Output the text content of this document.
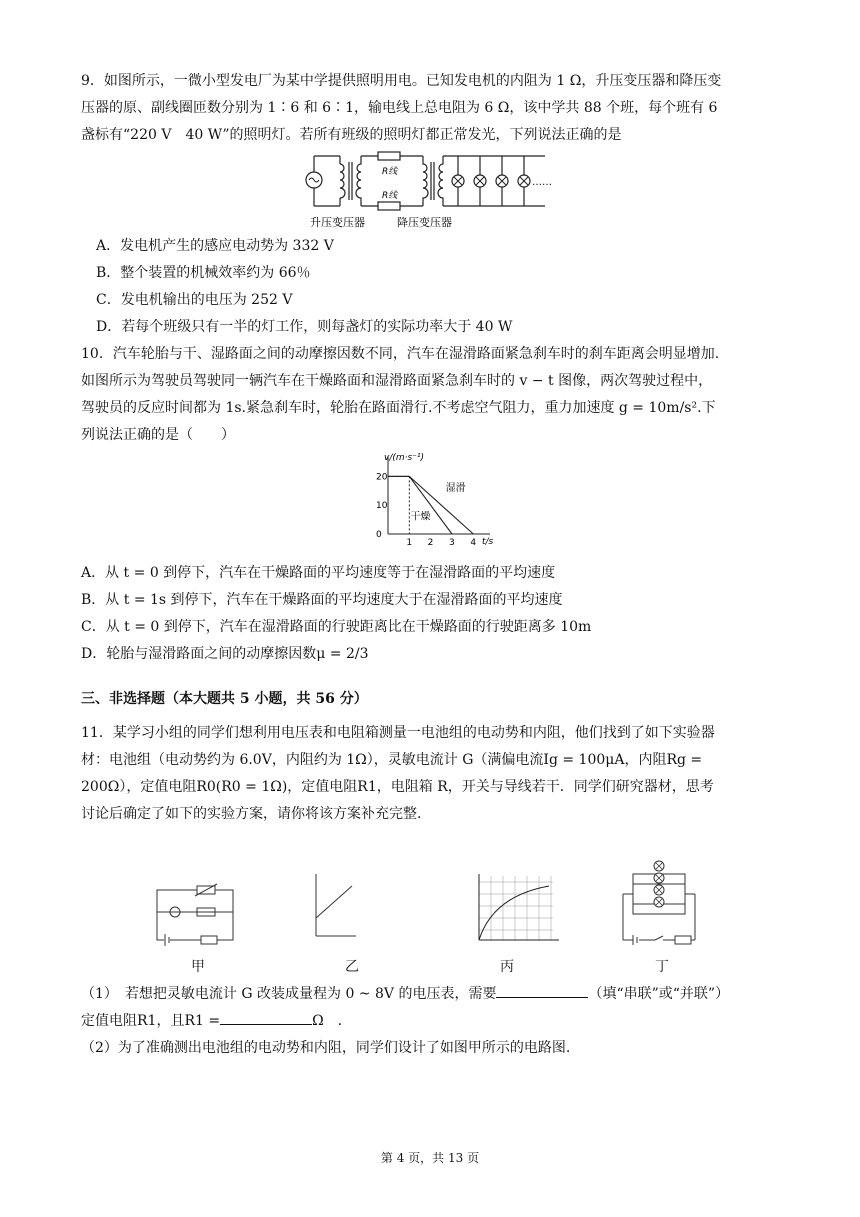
9．如图所示，一微小型发电厂为某中学提供照明用电。已知发电机的内阻为 1 Ω，升压变压器和降压变
压器的原、副线圈匝数分别为 1∶6 和 6∶1，输电线上总电阻为 6 Ω，该中学共 88 个班，每个班有 6
盏标有“220 V　40 W”的照明灯。若所有班级的照明灯都正常发光，下列说法正确的是
R线
R线
……
升压变压器	降压变压器
A．发电机产生的感应电动势为 332 V
B．整个装置的机械效率约为 66％
C．发电机输出的电压为 252 V
D．若每个班级只有一半的灯工作，则每盏灯的实际功率大于 40 W
10．汽车轮胎与干、湿路面之间的动摩擦因数不同，汽车在湿滑路面紧急刹车时的刹车距离会明显增加.
如图所示为驾驶员驾驶同一辆汽车在干燥路面和湿滑路面紧急刹车时的 v − t 图像，两次驾驶过程中，
驾驶员的反应时间都为 1s.紧急刹车时，轮胎在路面滑行.不考虑空气阻力，重力加速度 g = 10m/s².下
列说法正确的是（　　）
v/(m·s⁻¹)
t/s
1 2 3 4
0
10
20
湿滑
干燥
A．从 t = 0 到停下，汽车在干燥路面的平均速度等于在湿滑路面的平均速度
B．从 t = 1s 到停下，汽车在干燥路面的平均速度大于在湿滑路面的平均速度
C．从 t = 0 到停下，汽车在湿滑路面的行驶距离比在干燥路面的行驶距离多 10m
D．轮胎与湿滑路面之间的动摩擦因数μ = 2/3
三、非选择题（本大题共 5 小题，共 56 分）
11．某学习小组的同学们想利用电压表和电阻箱测量一电池组的电动势和内阻，他们找到了如下实验器
材：电池组（电动势约为 6.0V，内阻约为 1Ω），灵敏电流计 G（满偏电流Ig = 100μA，内阻Rg =
200Ω），定值电阻R0(R0 = 1Ω)，定值电阻R1，电阻箱 R，开关与导线若干．同学们研究器材，思考
讨论后确定了如下的实验方案，请你将该方案补充完整.
甲	乙	丙	丁
（1）　若想把灵敏电流计 G 改装成量程为 0 ~ 8V 的电压表，需要	（填“串联”或“并联”）
定值电阻R1，且R1 =	Ω　.
（2）为了准确测出电池组的电动势和内阻，同学们设计了如图甲所示的电路图.
第 4 页，共 13 页
